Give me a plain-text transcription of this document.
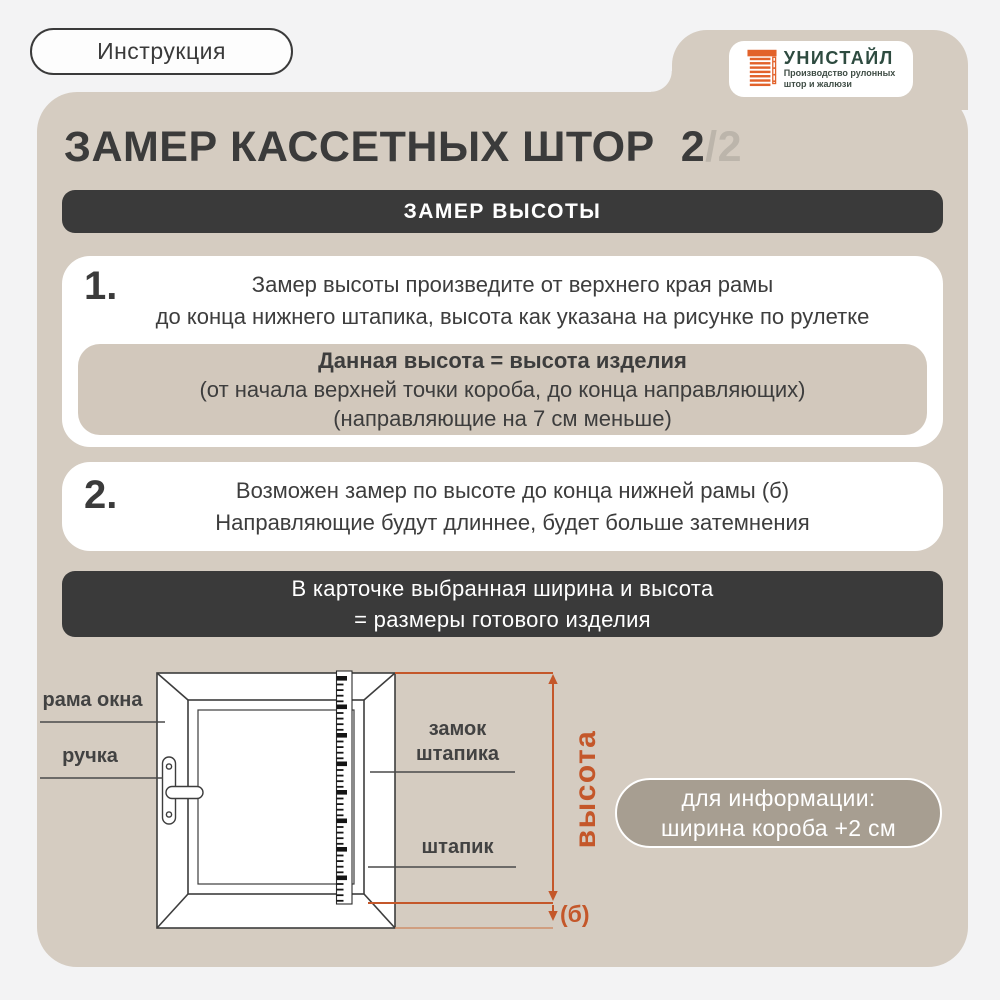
Инструкция	УНИСТАЙЛ
Производство рулонных
штор и жалюзи
ЗАМЕР КАССЕТНЫХ ШТОР 2/2
ЗАМЕР ВЫСОТЫ
1.	Замер высоты произведите от верхнего края рамы
до конца нижнего штапика, высота как указана на рисунке по рулетке
Данная высота = высота изделия
(от начала верхней точки короба, до конца направляющих)
(направляющие на 7 см меньше)
2.	Возможен замер по высоте до конца нижней рамы (б)
Направляющие будут длиннее, будет больше затемнения
В карточке выбранная ширина и высота
= размеры готового изделия
рама окна
ручка
замок
штапика
штапик	высота
(б)
для информации:
ширина короба +2 см
